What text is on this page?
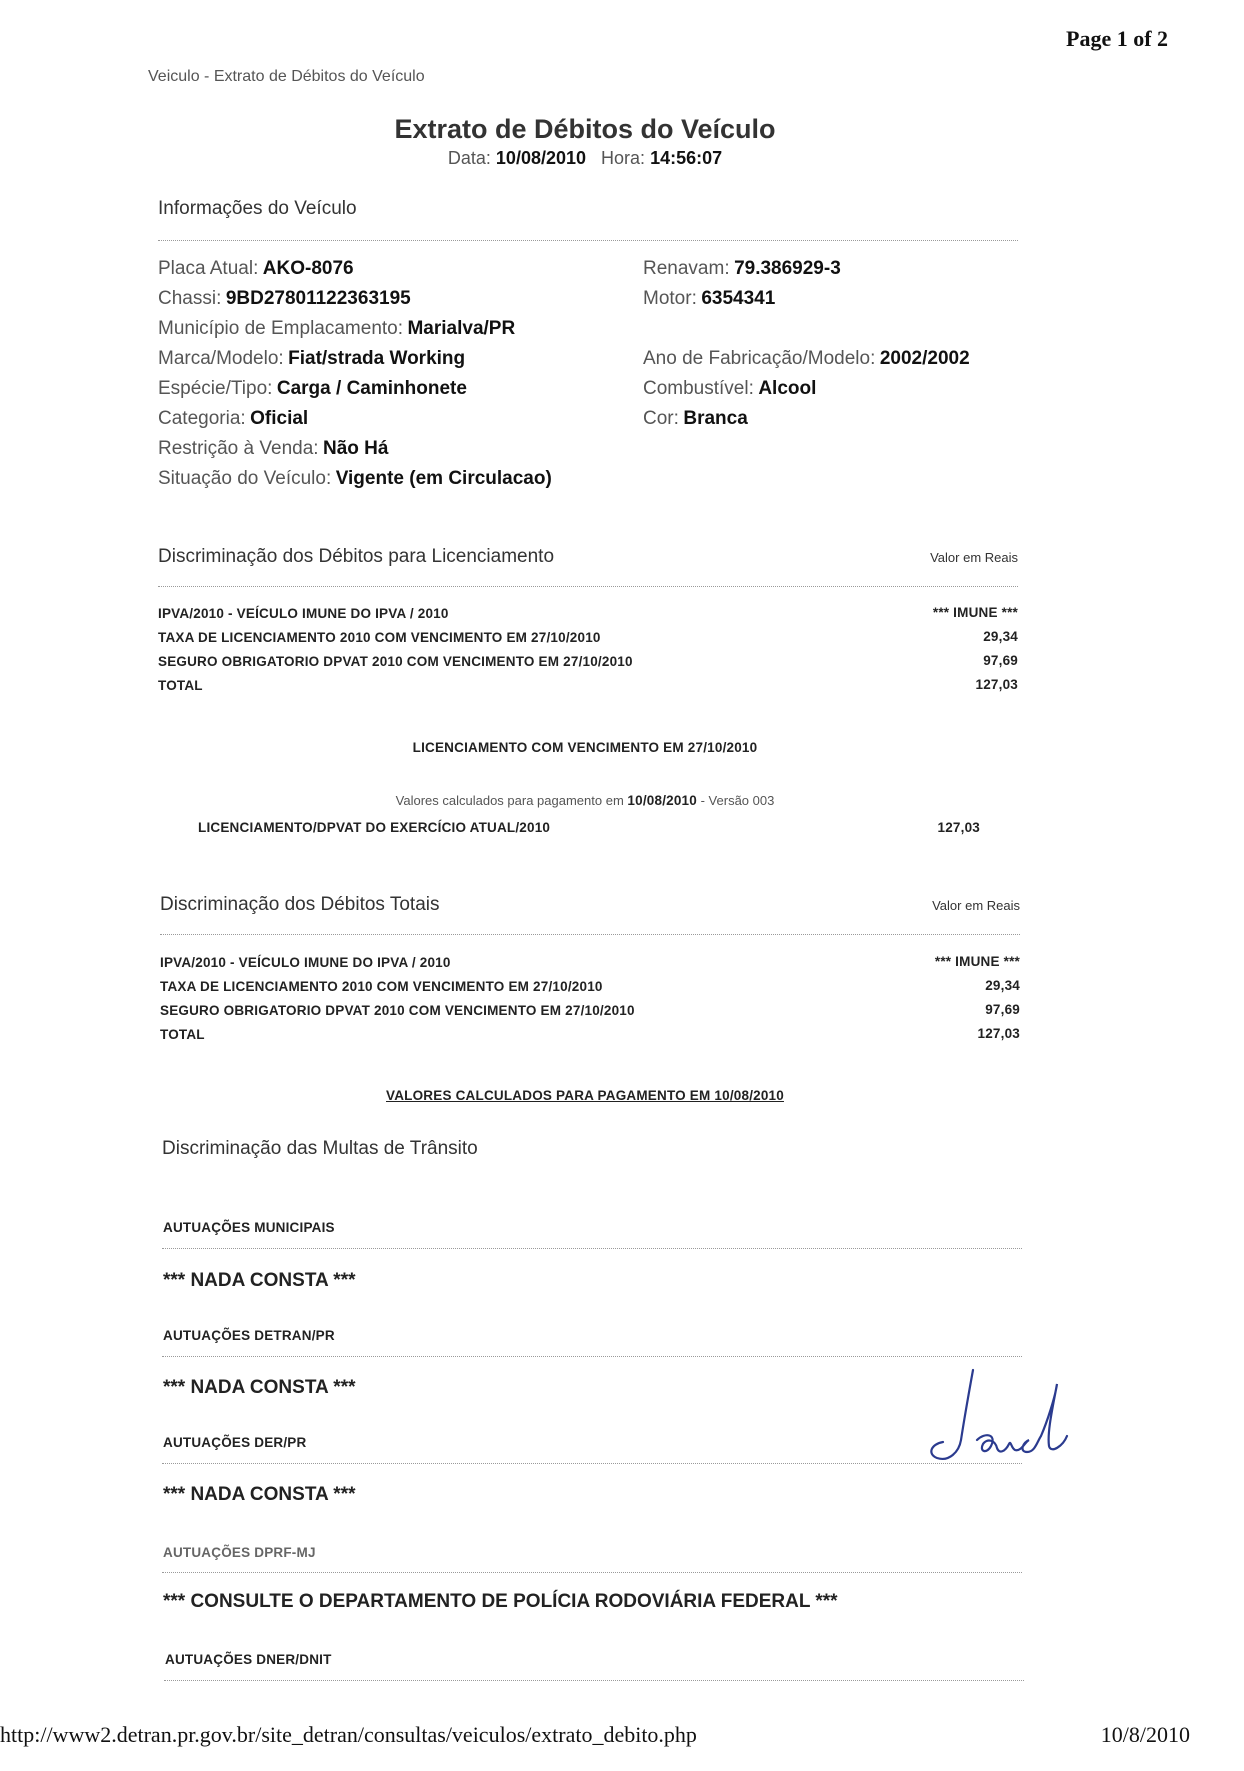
Page 1 of 2
Veiculo - Extrato de Débitos do Veículo
Extrato de Débitos do Veículo
Data: 10/08/2010 Hora: 14:56:07
Informações do Veículo
Placa Atual: AKO-8076
Chassi: 9BD27801122363195
Município de Emplacamento: Marialva/PR
Marca/Modelo: Fiat/strada Working
Espécie/Tipo: Carga / Caminhonete
Categoria: Oficial
Restrição à Venda: Não Há
Situação do Veículo: Vigente (em Circulacao)
Renavam: 79.386929-3
Motor: 6354341
Ano de Fabricação/Modelo: 2002/2002
Combustível: Alcool
Cor: Branca
Discriminação dos Débitos para Licenciamento	Valor em Reais
IPVA/2010 - VEÍCULO IMUNE DO IPVA / 2010	*** IMUNE ***
TAXA DE LICENCIAMENTO 2010 COM VENCIMENTO EM 27/10/2010	29,34
SEGURO OBRIGATORIO DPVAT 2010 COM VENCIMENTO EM 27/10/2010	97,69
TOTAL	127,03
LICENCIAMENTO COM VENCIMENTO EM 27/10/2010
Valores calculados para pagamento em 10/08/2010 - Versão 003
LICENCIAMENTO/DPVAT DO EXERCÍCIO ATUAL/2010	127,03
Discriminação dos Débitos Totais	Valor em Reais
IPVA/2010 - VEÍCULO IMUNE DO IPVA / 2010	*** IMUNE ***
TAXA DE LICENCIAMENTO 2010 COM VENCIMENTO EM 27/10/2010	29,34
SEGURO OBRIGATORIO DPVAT 2010 COM VENCIMENTO EM 27/10/2010	97,69
TOTAL	127,03
VALORES CALCULADOS PARA PAGAMENTO EM 10/08/2010
Discriminação das Multas de Trânsito
AUTUAÇÕES MUNICIPAIS
*** NADA CONSTA ***
AUTUAÇÕES DETRAN/PR
*** NADA CONSTA ***
AUTUAÇÕES DER/PR
*** NADA CONSTA ***
AUTUAÇÕES DPRF-MJ
*** CONSULTE O DEPARTAMENTO DE POLÍCIA RODOVIÁRIA FEDERAL ***
AUTUAÇÕES DNER/DNIT
http://www2.detran.pr.gov.br/site_detran/consultas/veiculos/extrato_debito.php	10/8/2010
